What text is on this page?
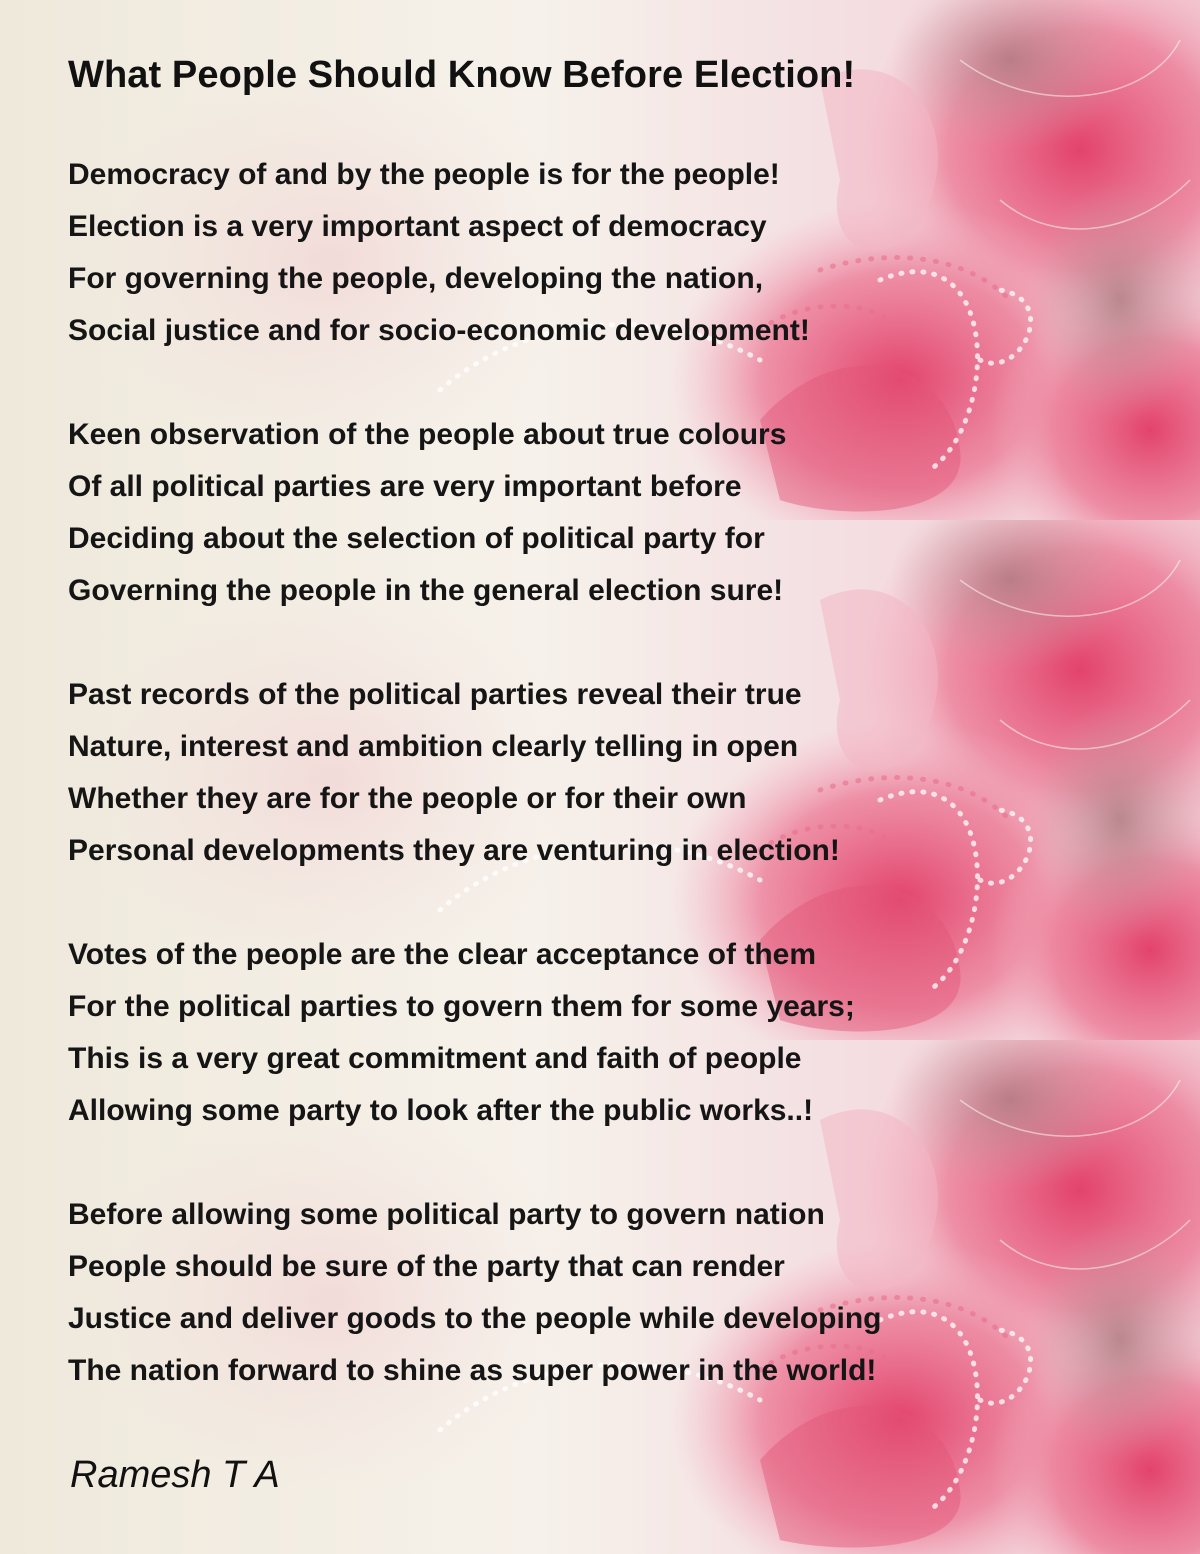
What People Should Know Before Election!
Democracy of and by the people is for the people!
Election is a very important aspect of democracy
For governing the people, developing the nation,
Social justice and for socio-economic development!
Keen observation of the people about true colours
Of all political parties are very important before
Deciding about the selection of political party for
Governing the people in the general election sure!
Past records of the political parties reveal their true
Nature, interest and ambition clearly telling in open
Whether they are for the people or for their own
Personal developments they are venturing in election!
Votes of the people are the clear acceptance of them
For the political parties to govern them for some years;
This is a very great commitment and faith of people
Allowing some party to look after the public works..!
Before allowing some political party to govern nation
People should be sure of the party that can render
Justice and deliver goods to the people while developing
The nation forward to shine as super power in the world!
Ramesh T A
